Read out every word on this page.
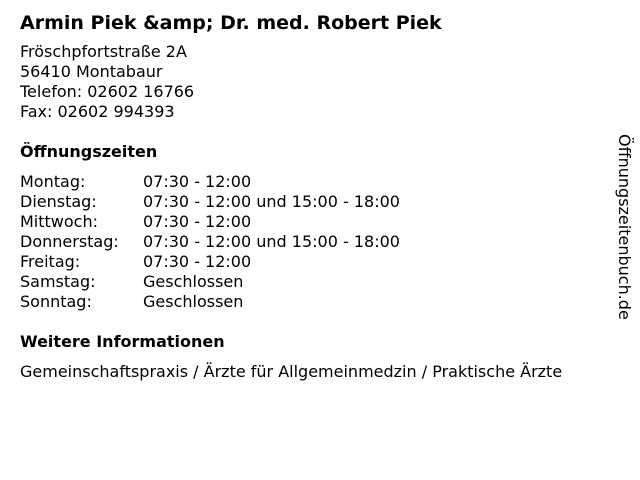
Armin Piek &amp; Dr. med. Robert Piek
Fröschpfortstraße 2A
56410 Montabaur
Telefon: 02602 16766
Fax: 02602 994393
Öffnungszeiten
Montag:	07:30 - 12:00
Dienstag:	07:30 - 12:00 und 15:00 - 18:00
Mittwoch:	07:30 - 12:00
Donnerstag:	07:30 - 12:00 und 15:00 - 18:00
Freitag:	07:30 - 12:00
Samstag:	Geschlossen
Sonntag:	Geschlossen
Weitere Informationen
Gemeinschaftspraxis / Ärzte für Allgemeinmedzin / Praktische Ärzte
Öffnungszeitenbuch.de
